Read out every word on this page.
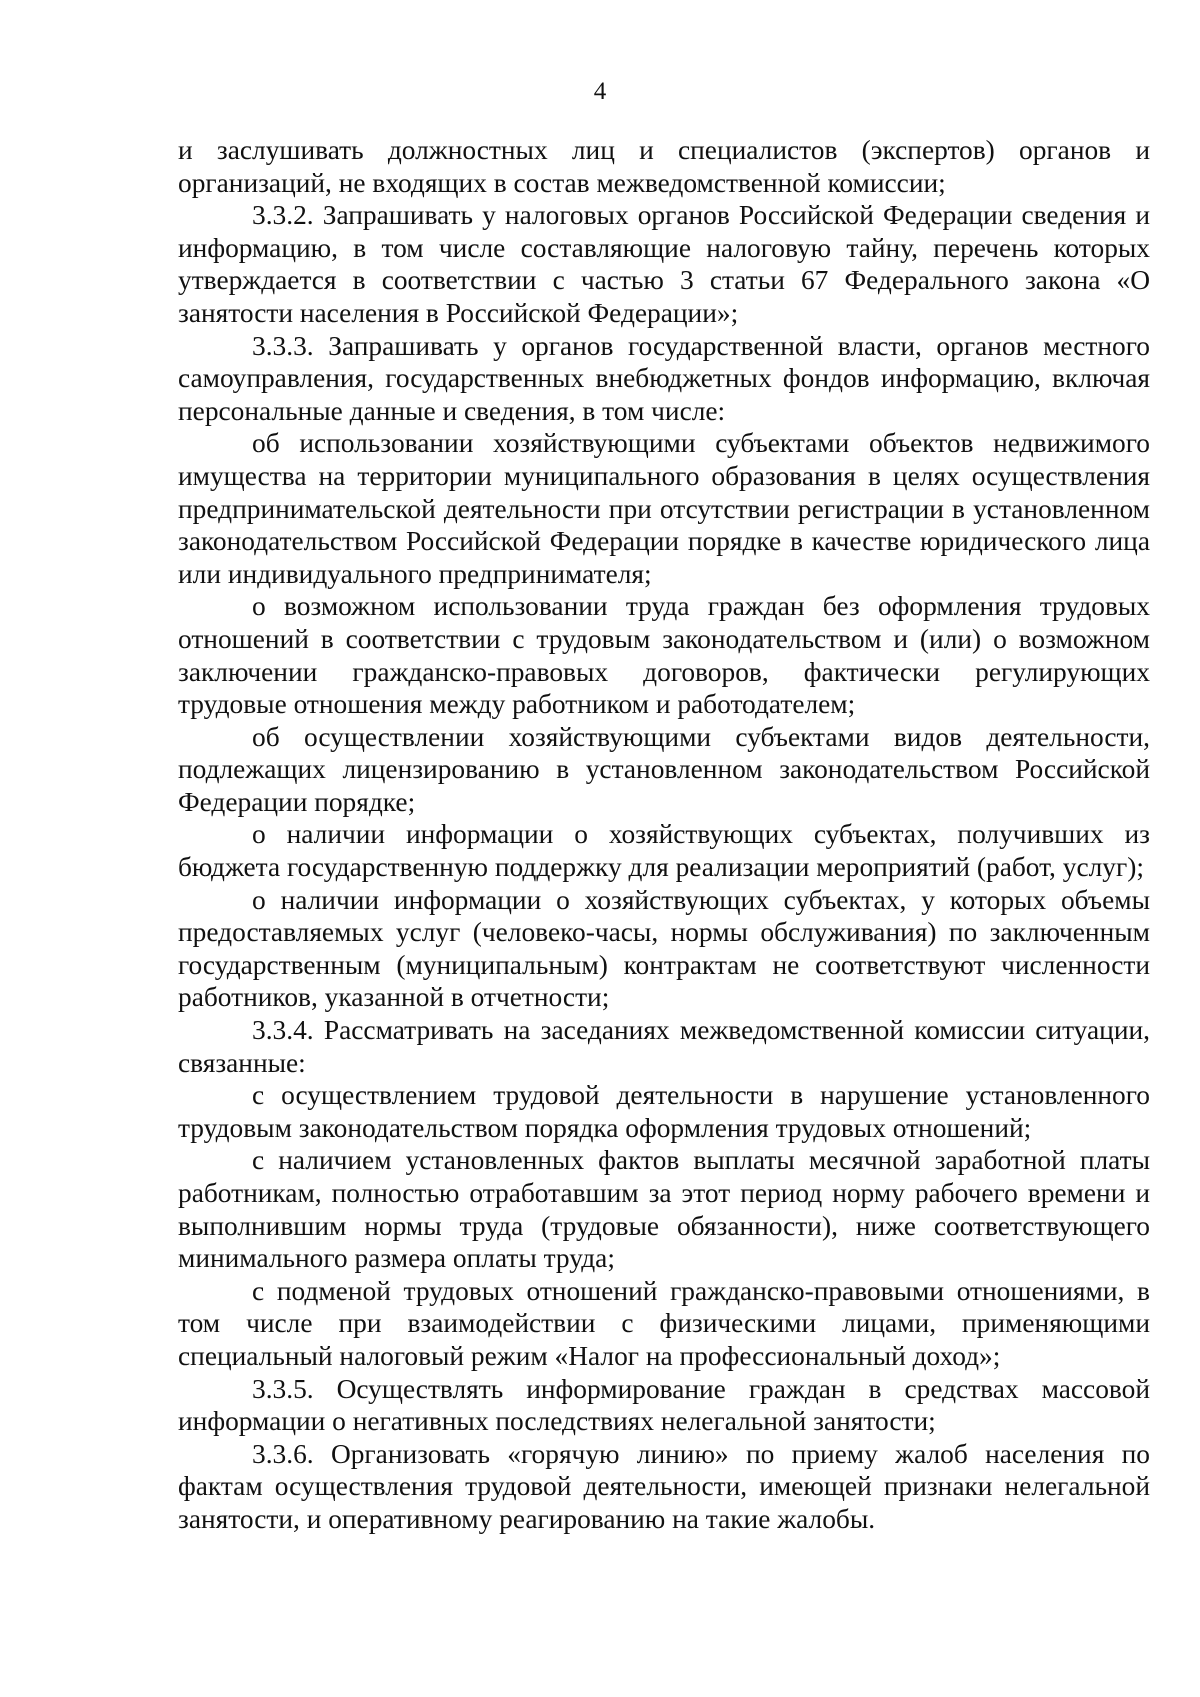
4

и заслушивать должностных лиц и специалистов (экспертов) органов и организаций, не входящих в состав межведомственной комиссии;

3.3.2. Запрашивать у налоговых органов Российской Федерации сведения и информацию, в том числе составляющие налоговую тайну, перечень которых утверждается в соответствии с частью 3 статьи 67 Федерального закона «О занятости населения в Российской Федерации»;

3.3.3. Запрашивать у органов государственной власти, органов местного самоуправления, государственных внебюджетных фондов информацию, включая персональные данные и сведения, в том числе:

об использовании хозяйствующими субъектами объектов недвижимого имущества на территории муниципального образования в целях осуществления предпринимательской деятельности при отсутствии регистрации в установленном законодательством Российской Федерации порядке в качестве юридического лица или индивидуального предпринимателя;

о возможном использовании труда граждан без оформления трудовых отношений в соответствии с трудовым законодательством и (или) о возможном заключении гражданско-правовых договоров, фактически регулирующих трудовые отношения между работником и работодателем;

об осуществлении хозяйствующими субъектами видов деятельности, подлежащих лицензированию в установленном законодательством Российской Федерации порядке;

о наличии информации о хозяйствующих субъектах, получивших из бюджета государственную поддержку для реализации мероприятий (работ, услуг);

о наличии информации о хозяйствующих субъектах, у которых объемы предоставляемых услуг (человеко-часы, нормы обслуживания) по заключенным государственным (муниципальным) контрактам не соответствуют численности работников, указанной в отчетности;

3.3.4. Рассматривать на заседаниях межведомственной комиссии ситуации, связанные:

с осуществлением трудовой деятельности в нарушение установленного трудовым законодательством порядка оформления трудовых отношений;

с наличием установленных фактов выплаты месячной заработной платы работникам, полностью отработавшим за этот период норму рабочего времени и выполнившим нормы труда (трудовые обязанности), ниже соответствующего минимального размера оплаты труда;

с подменой трудовых отношений гражданско-правовыми отношениями, в том числе при взаимодействии с физическими лицами, применяющими специальный налоговый режим «Налог на профессиональный доход»;

3.3.5. Осуществлять информирование граждан в средствах массовой информации о негативных последствиях нелегальной занятости;

3.3.6. Организовать «горячую линию» по приему жалоб населения по фактам осуществления трудовой деятельности, имеющей признаки нелегальной занятости, и оперативному реагированию на такие жалобы.
